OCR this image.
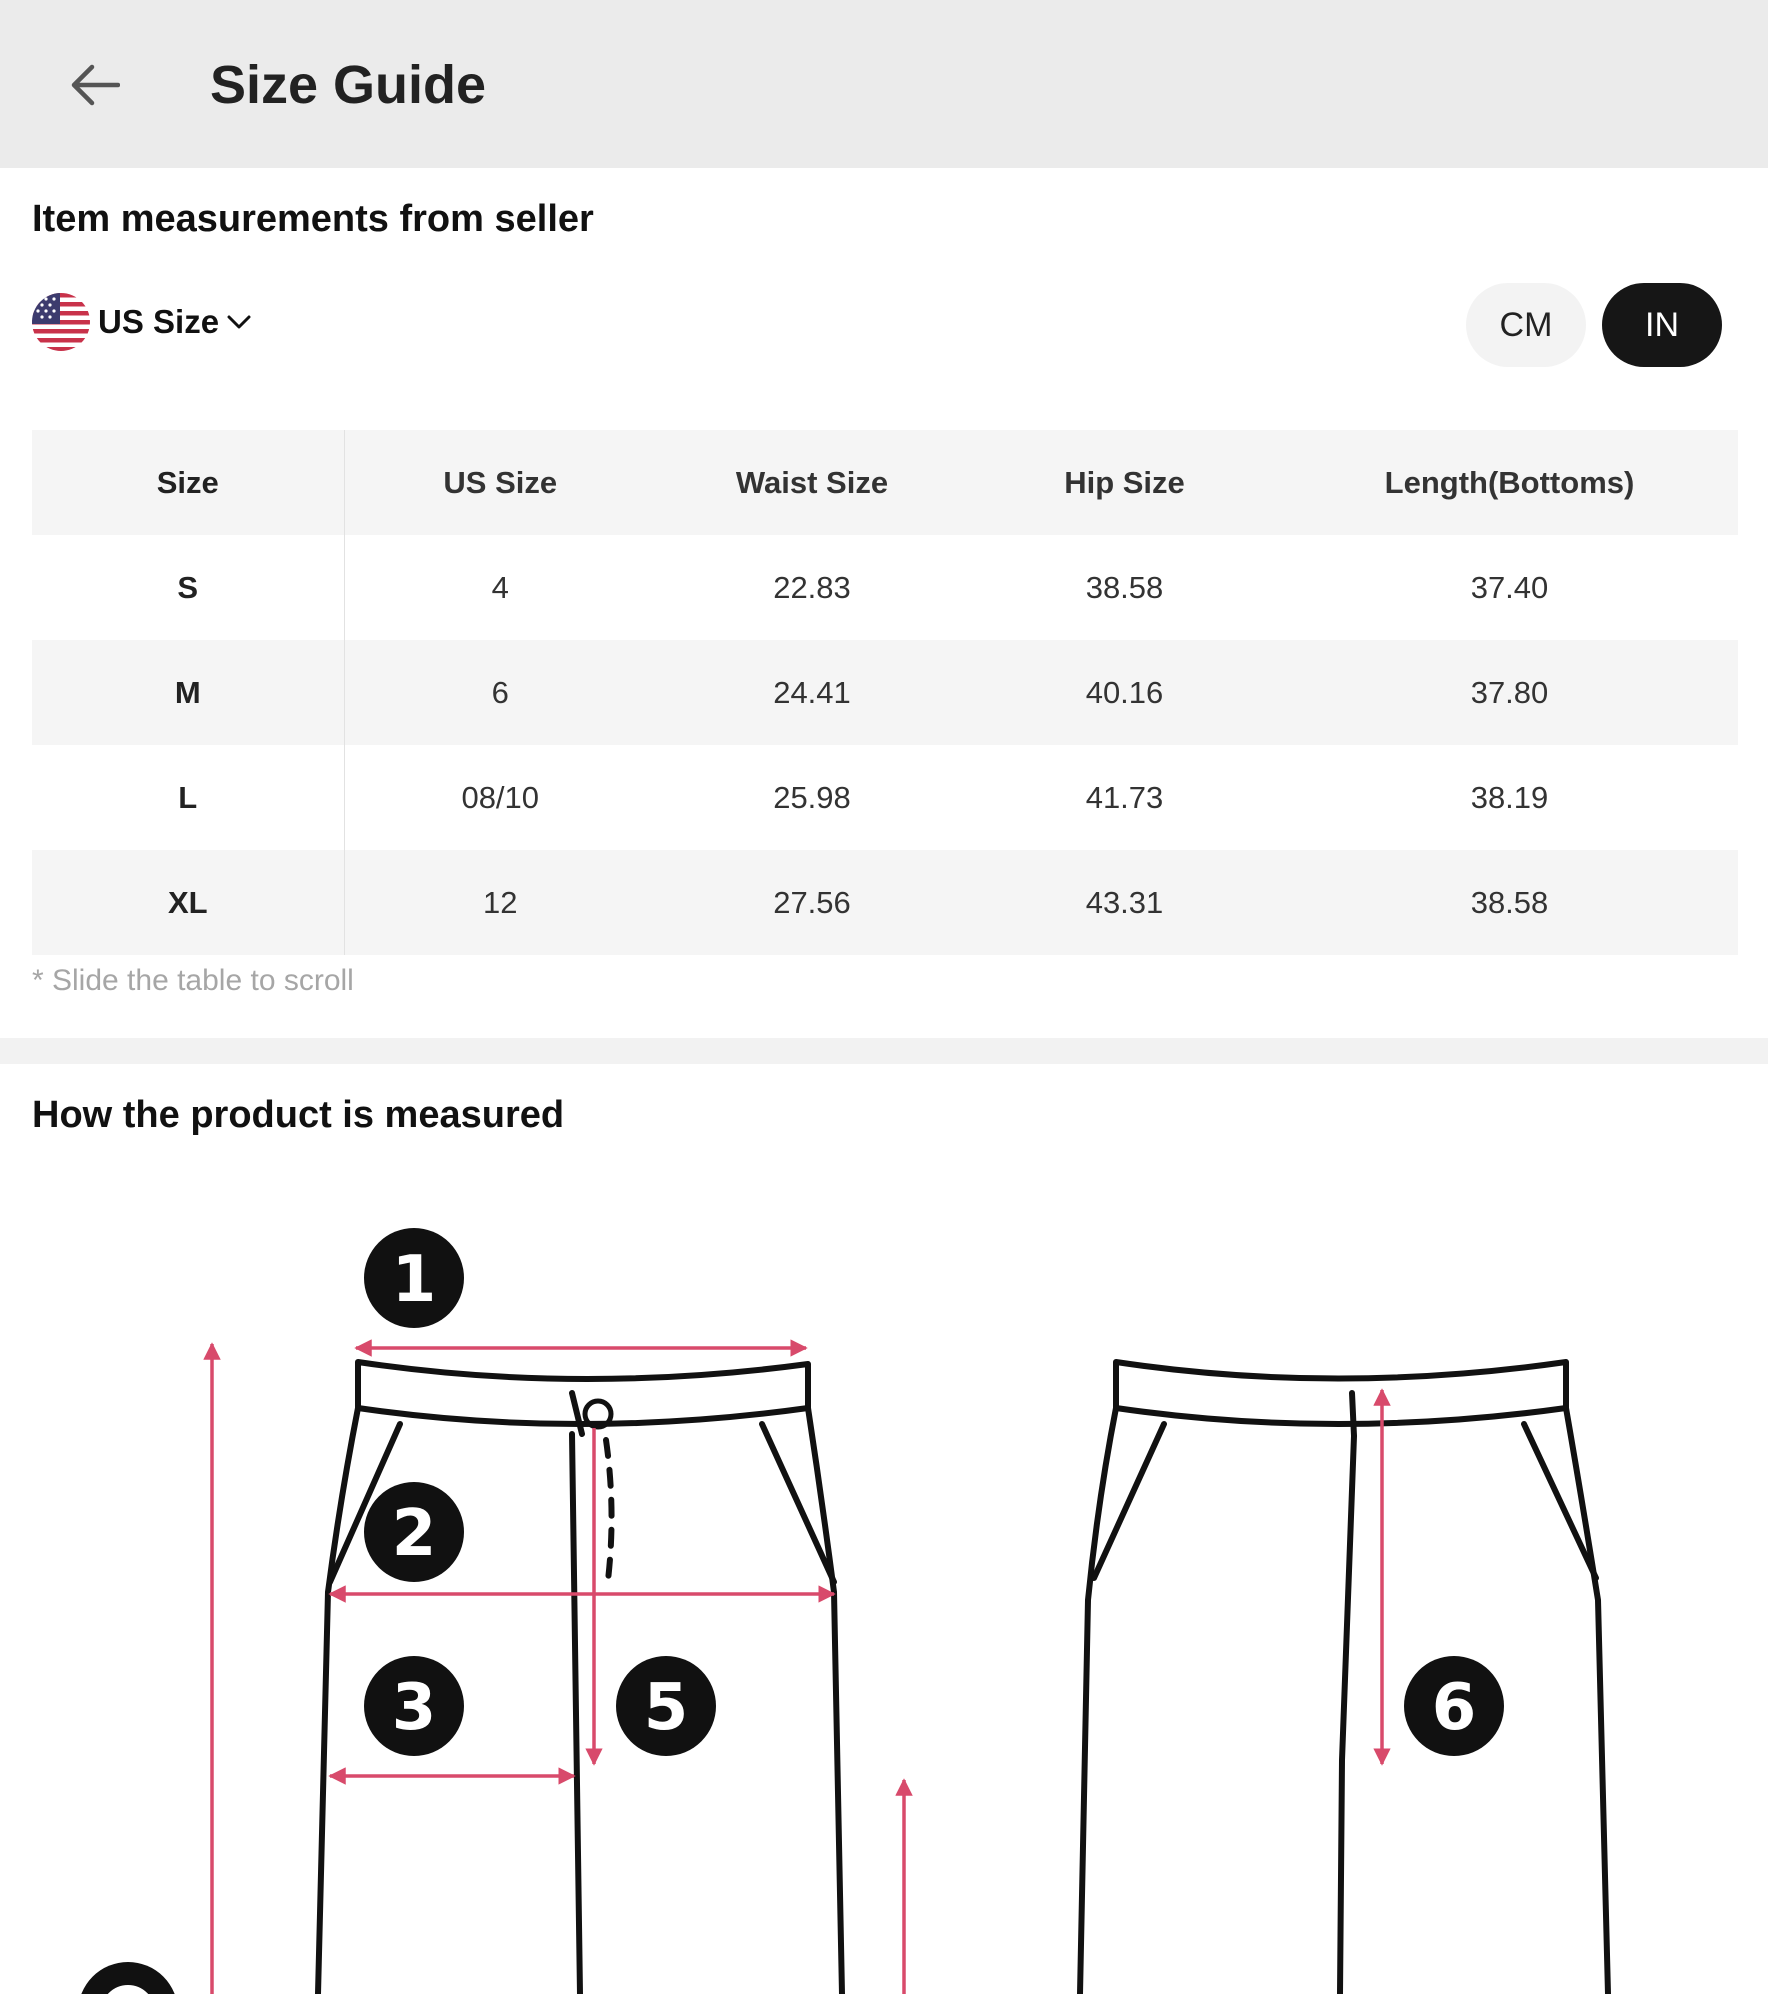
Size Guide
Item measurements from seller
US Size	CM	IN
Size	US Size	Waist Size	Hip Size	Length(Bottoms)
S	4	22.83	38.58	37.40
M	6	24.41	40.16	37.80
L	08/10	25.98	41.73	38.19
XL	12	27.56	43.31	38.58
* Slide the table to scroll
How the product is measured
1
2
3	5	6
